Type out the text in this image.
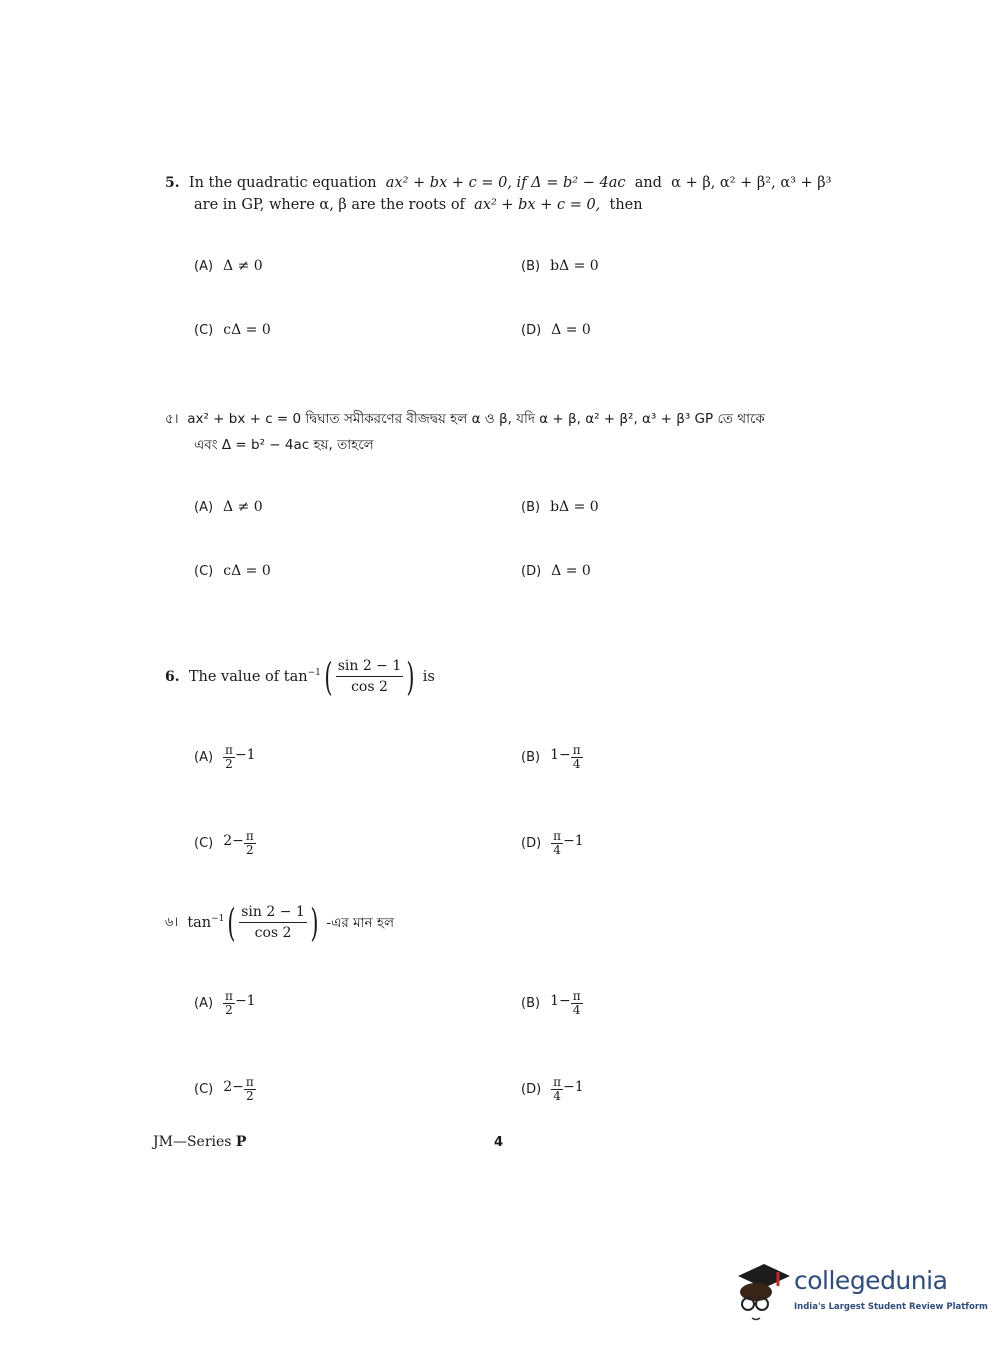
5. In the quadratic equation ax² + bx + c = 0, if Δ = b² − 4ac and α + β, α² + β², α³ + β³
are in GP, where α, β are the roots of ax² + bx + c = 0, then
(A) Δ ≠ 0	(B) bΔ = 0
(C) cΔ = 0	(D) Δ = 0
৫। ax² + bx + c = 0 দ্বিঘাত সমীকরণের বীজদ্বয় হল α ও β, যদি α + β, α² + β², α³ + β³ GP তে থাকে
এবং Δ = b² − 4ac হয়, তাহলে
(A) Δ ≠ 0	(B) bΔ = 0
(C) cΔ = 0	(D) Δ = 0
6.
The value of
$\tan^{-1}$ ( $\frac{\sin 2 - 1}{\cos 2}$ )
is
$(A) \frac{\pi}{2} -1$	(B) $1- \frac{\pi}{4}$
(C) $2- \frac{\pi}{2}$	$(D) \frac{\pi}{4} -1$
৬।
$\tan^{-1}$ ( $\frac{\sin 2 - 1}{\cos 2}$ )
-এর মান হল
$(A) \frac{\pi}{2} -1$	(B) $1- \frac{\pi}{4}$
(C) $2- \frac{\pi}{2}$	$(D) \frac{\pi}{4} -1$
JM—Series P	4
collegedunia
India's Largest Student Review Platform
